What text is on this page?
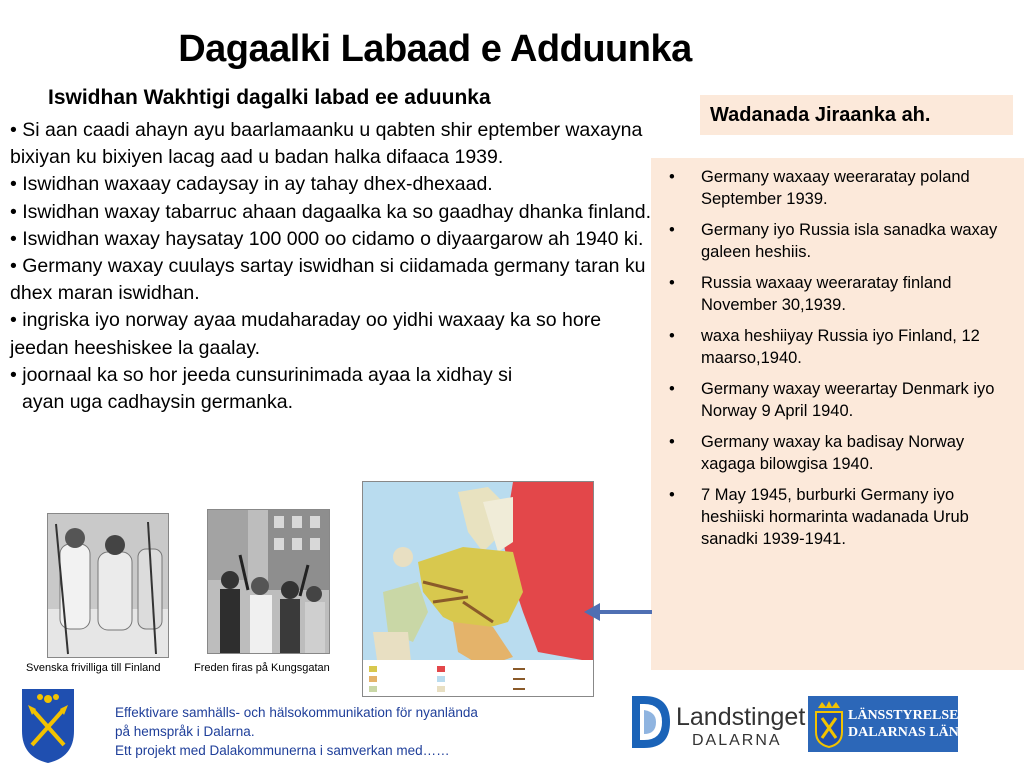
Dagaalki Labaad e Adduunka
Iswidhan Wakhtigi dagalki labad ee aduunka

• Si aan caadi ahayn ayu baarlamaanku u qabten shir eptember waxayna bixiyan ku bixiyen lacag aad u badan halka difaaca 1939.

• Iswidhan waxaay cadaysay in ay tahay dhex-dhexaad.

• Iswidhan waxay tabarruc ahaan dagaalka ka so gaadhay dhanka finland.

• Iswidhan waxay haysatay 100 000 oo cidamo o diyaargarow ah 1940 ki.

• Germany waxay cuulays sartay iswidhan si ciidamada germany taran ku dhex maran iswidhan.

• ingriska iyo norway ayaa mudaharaday oo yidhi waxaay ka so hore jeedan heeshiskee la gaalay.

• joornaal ka so hor jeeda cunsurinimada ayaa la xidhay si

ayan uga cadhaysin germanka.

Wadanada Jiraanka ah.
• Germany waxaay weeraratay poland September 1939.
• Germany iyo Russia isla sanadka waxay galeen heshiis.
• Russia waxaay weeraratay finland November 30,1939.
• waxa heshiiyay Russia iyo Finland, 12 maarso,1940.
• Germany waxay weerartay Denmark iyo Norway 9 April 1940.
• Germany waxay ka badisay Norway xagaga bilowgisa 1940.
• 7 May 1945, burburki Germany iyo heshiiski hormarinta wadanada Urub sanadki 1939-1941.
Svenska frivilliga till Finland	Freden firas på Kungsgatan
Effektivare samhälls- och hälsokommunikation för nyanlända
på hemspråk i Dalarna.
Ett projekt med Dalakommunerna i samverkan med……
Landstinget
DALARNA
LÄNSSTYRELSEN
DALARNAS LÄN
